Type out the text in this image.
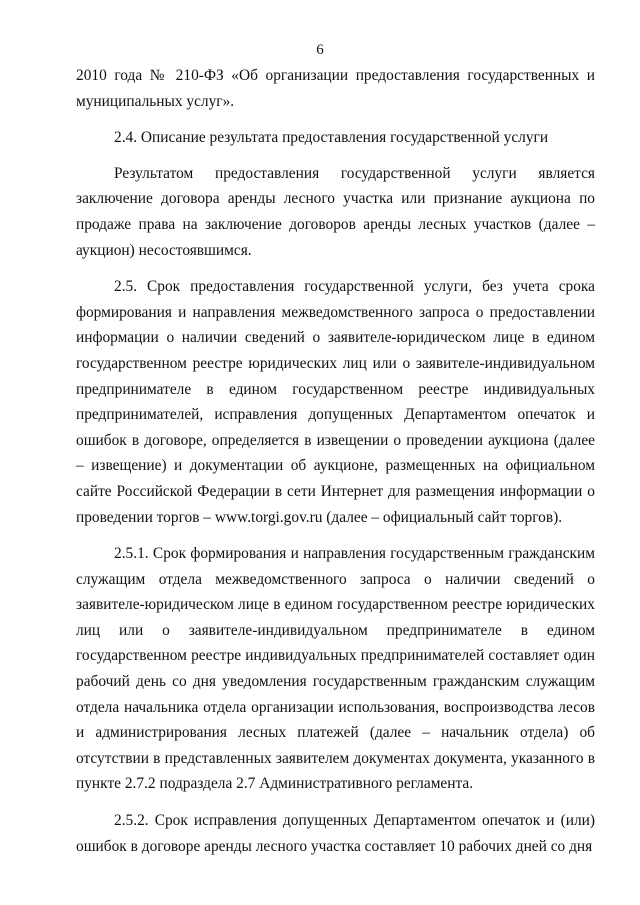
6

2010 года № 210-ФЗ «Об организации предоставления государственных и муниципальных услуг».

2.4. Описание результата предоставления государственной услуги

Результатом предоставления государственной услуги является заключение договора аренды лесного участка или признание аукциона по продаже права на заключение договоров аренды лесных участков (далее – аукцион) несостоявшимся.

2.5. Срок предоставления государственной услуги, без учета срока формирования и направления межведомственного запроса о предоставлении информации о наличии сведений о заявителе-юридическом лице в едином государственном реестре юридических лиц или о заявителе-индивидуальном предпринимателе в едином государственном реестре индивидуальных предпринимателей, исправления допущенных Департаментом опечаток и ошибок в договоре, определяется в извещении о проведении аукциона (далее – извещение) и документации об аукционе, размещенных на официальном сайте Российской Федерации в сети Интернет для размещения информации о проведении торгов – www.torgi.gov.ru (далее – официальный сайт торгов).

2.5.1. Срок формирования и направления государственным гражданским служащим отдела межведомственного запроса о наличии сведений о заявителе-юридическом лице в едином государственном реестре юридических лиц или о заявителе-индивидуальном предпринимателе в едином государственном реестре индивидуальных предпринимателей составляет один рабочий день со дня уведомления государственным гражданским служащим отдела начальника отдела организации использования, воспроизводства лесов и администрирования лесных платежей (далее – начальник отдела) об отсутствии в представленных заявителем документах документа, указанного в пункте 2.7.2 подраздела 2.7 Административного регламента.

2.5.2. Срок исправления допущенных Департаментом опечаток и (или) ошибок в договоре аренды лесного участка составляет 10 рабочих дней со дня
